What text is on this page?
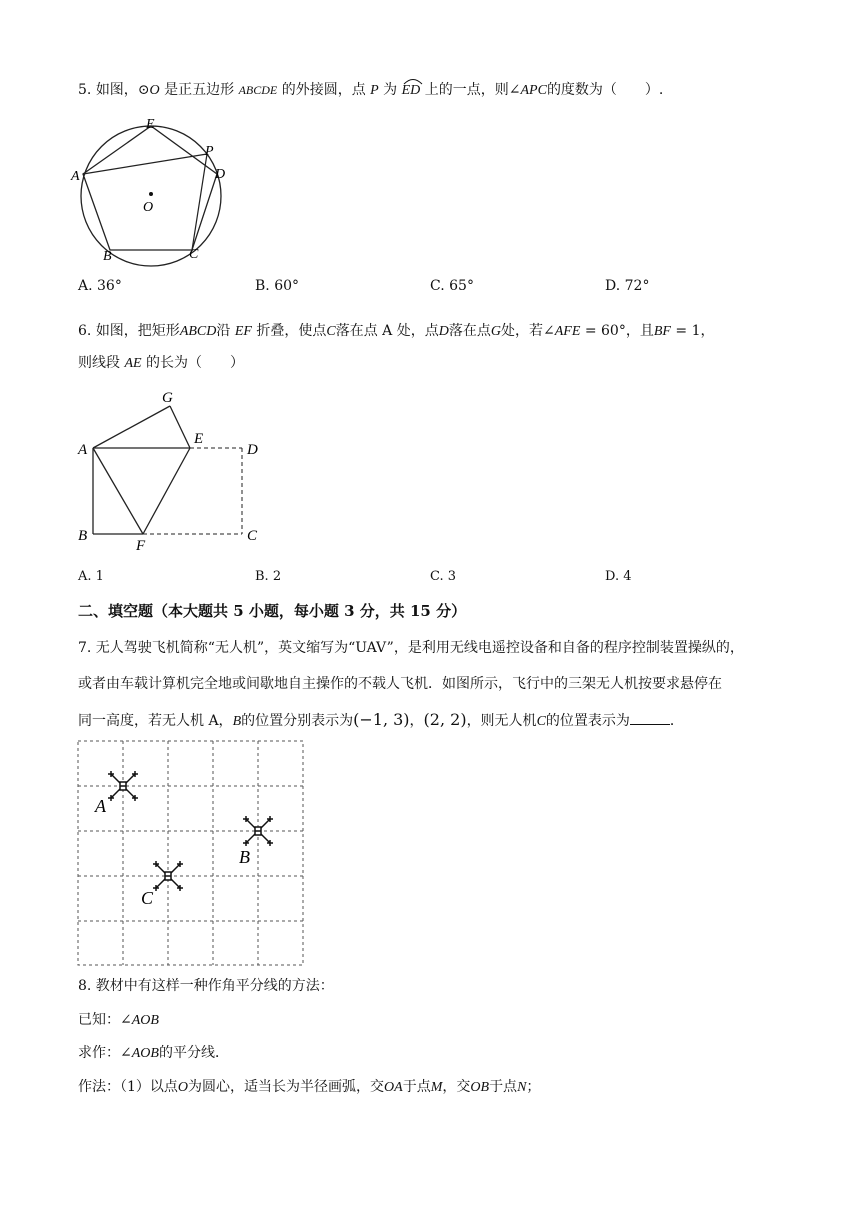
5. 如图，⊙O 是正五边形 ABCDE 的外接圆，点 P 为 ED 上的一点，则∠APC的度数为（　　）.
E
A
P
D
O
B	C
A. 36°	B. 60°	C. 65°	D. 72°
6. 如图，把矩形ABCD沿 EF 折叠，使点C落在点 A 处，点D落在点G处，若∠AFE = 60°，且BF = 1，
则线段 AE 的长为（　　）
G
A
E
D
B
F
C
A. 1	B. 2	C. 3	D. 4
二、填空题（本大题共 5 小题，每小题 3 分，共 15 分）
7. 无人驾驶飞机简称“无人机”，英文缩写为“UAV”，是利用无线电遥控设备和自备的程序控制装置操纵的，
或者由车载计算机完全地或间歇地自主操作的不载人飞机．如图所示，飞行中的三架无人机按要求悬停在
同一高度，若无人机 A，B的位置分别表示为(−1, 3)，(2, 2)，则无人机C的位置表示为	．
A
B
C
8. 教材中有这样一种作角平分线的方法：
已知：∠AOB
求作：∠AOB的平分线．
作法：（1）以点O为圆心，适当长为半径画弧，交OA于点M，交OB于点N；
